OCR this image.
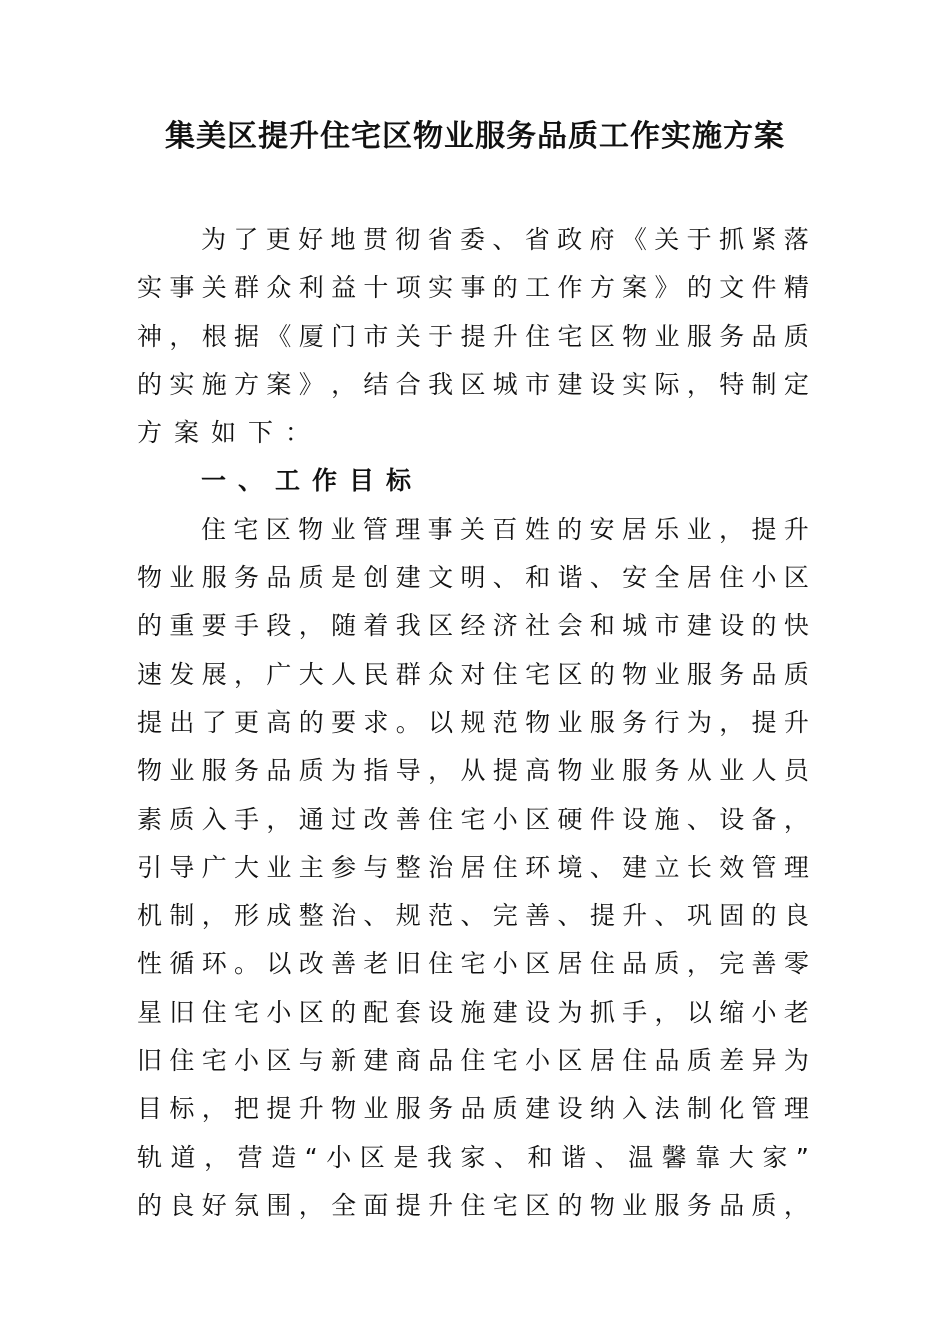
集美区提升住宅区物业服务品质工作实施方案
为 了 更 好 地 贯 彻 省 委 、 省 政 府 《 关 于 抓 紧 落
实 事 关 群 众 利 益 十 项 实 事 的 工 作 方 案 》 的 文 件 精
神 ， 根 据 《 厦 门 市 关 于 提 升 住 宅 区 物 业 服 务 品 质
的 实 施 方 案 》 ， 结 合 我 区 城 市 建 设 实 际 ， 特 制 定
方案如下：
一、工作目标
住 宅 区 物 业 管 理 事 关 百 姓 的 安 居 乐 业 ， 提 升
物 业 服 务 品 质 是 创 建 文 明 、 和 谐 、 安 全 居 住 小 区
的 重 要 手 段 ， 随 着 我 区 经 济 社 会 和 城 市 建 设 的 快
速 发 展 ， 广 大 人 民 群 众 对 住 宅 区 的 物 业 服 务 品 质
提 出 了 更 高 的 要 求 。 以 规 范 物 业 服 务 行 为 ， 提 升
物 业 服 务 品 质 为 指 导 ， 从 提 高 物 业 服 务 从 业 人 员
素 质 入 手 ， 通 过 改 善 住 宅 小 区 硬 件 设 施 、 设 备 ，
引 导 广 大 业 主 参 与 整 治 居 住 环 境 、 建 立 长 效 管 理
机 制 ， 形 成 整 治 、 规 范 、 完 善 、 提 升 、 巩 固 的 良
性 循 环 。 以 改 善 老 旧 住 宅 小 区 居 住 品 质 ， 完 善 零
星 旧 住 宅 小 区 的 配 套 设 施 建 设 为 抓 手 ， 以 缩 小 老
旧 住 宅 小 区 与 新 建 商 品 住 宅 小 区 居 住 品 质 差 异 为
目 标 ， 把 提 升 物 业 服 务 品 质 建 设 纳 入 法 制 化 管 理
轨 道 ， 营 造 “ 小 区 是 我 家 、 和 谐 、 温 馨 靠 大 家 ”
的 良 好 氛 围 ， 全 面 提 升 住 宅 区 的 物 业 服 务 品 质 ，
